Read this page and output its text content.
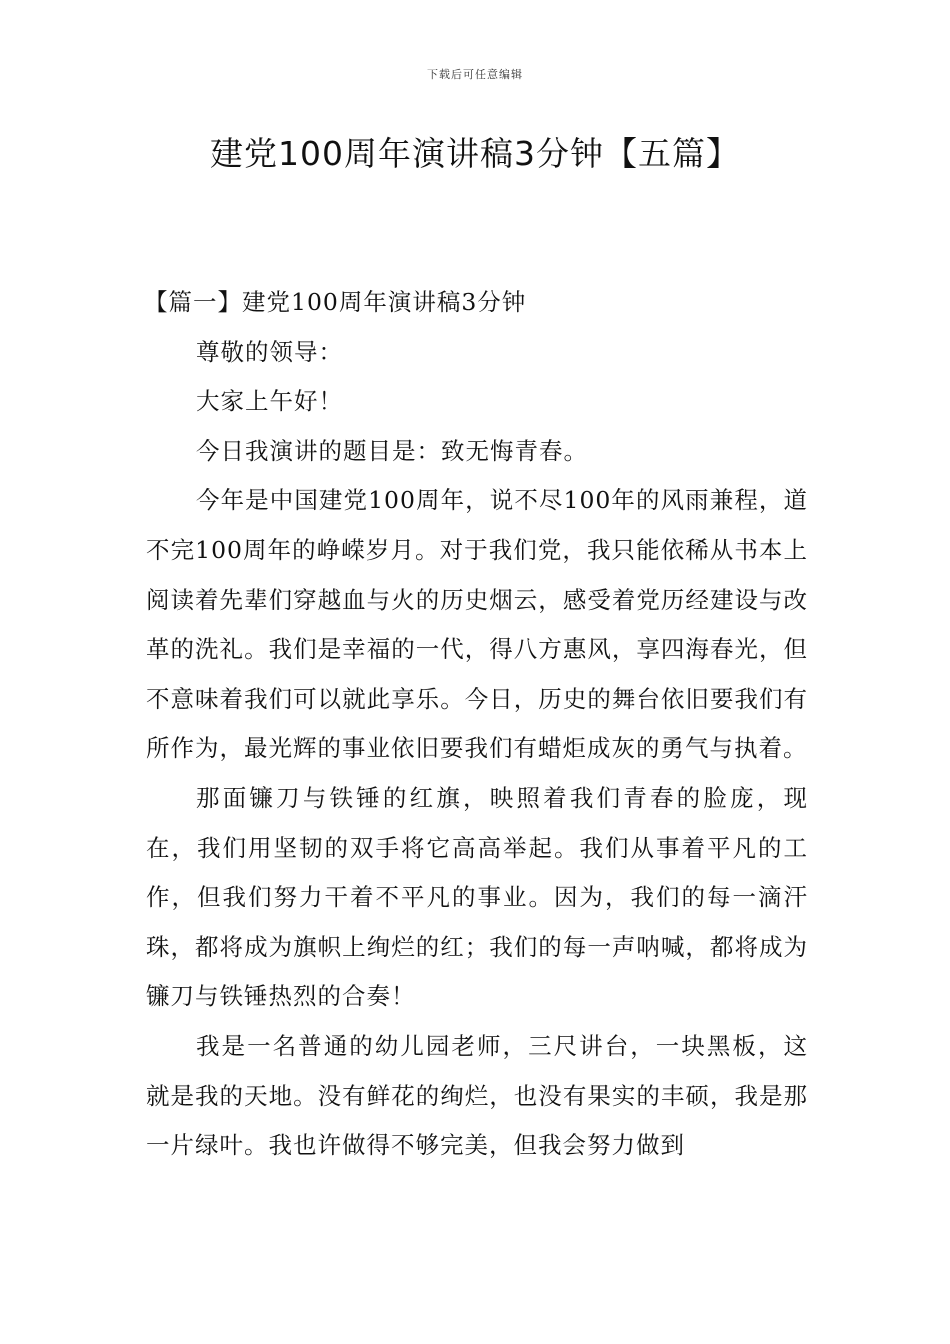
下载后可任意编辑
建党100周年演讲稿3分钟【五篇】

【篇一】建党100周年演讲稿3分钟

尊敬的领导：

大家上午好！

今日我演讲的题目是：致无悔青春。

今年是中国建党100周年，说不尽100年的风雨兼程，道不完100周年的峥嵘岁月。对于我们党，我只能依稀从书本上阅读着先辈们穿越血与火的历史烟云，感受着党历经建设与改革的洗礼。我们是幸福的一代，得八方惠风，享四海春光，但不意味着我们可以就此享乐。今日，历史的舞台依旧要我们有所作为，最光辉的事业依旧要我们有蜡炬成灰的勇气与执着。

那面镰刀与铁锤的红旗，映照着我们青春的脸庞，现在，我们用坚韧的双手将它高高举起。我们从事着平凡的工作，但我们努力干着不平凡的事业。因为，我们的每一滴汗珠，都将成为旗帜上绚烂的红；我们的每一声呐喊，都将成为镰刀与铁锤热烈的合奏！

我是一名普通的幼儿园老师，三尺讲台，一块黑板，这就是我的天地。没有鲜花的绚烂，也没有果实的丰硕，我是那一片绿叶。我也许做得不够完美，但我会努力做到
